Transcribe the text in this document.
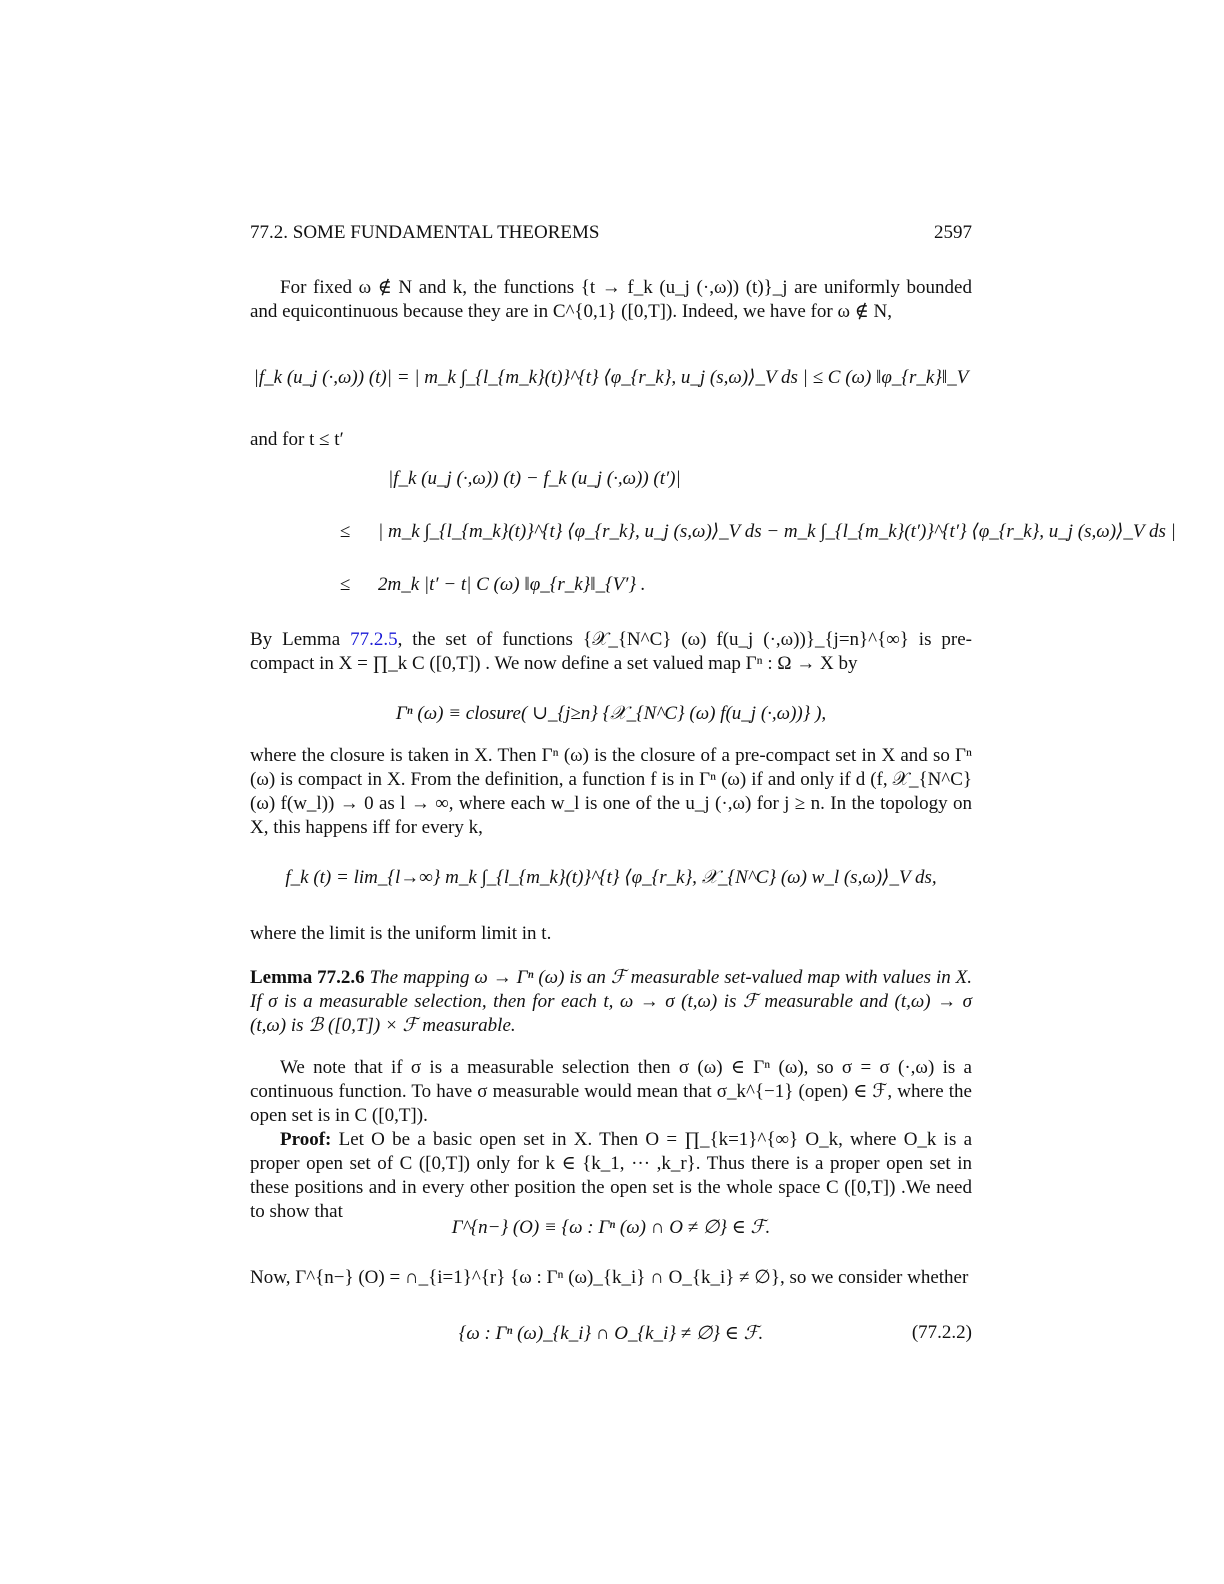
77.2. SOME FUNDAMENTAL THEOREMS	2597
For fixed ω ∉ N and k, the functions {t → f_k (u_j (·,ω)) (t)}_j are uniformly bounded and equicontinuous because they are in C^{0,1} ([0,T]). Indeed, we have for ω ∉ N,
|f_k (u_j (·,ω)) (t)| = | m_k ∫_{l_{m_k}(t)}^{t} ⟨φ_{r_k}, u_j (s,ω)⟩_V ds | ≤ C (ω) ‖φ_{r_k}‖_V
and for t ≤ t′
|f_k (u_j (·,ω)) (t) − f_k (u_j (·,ω)) (t′)|
≤ | m_k ∫_{l_{m_k}(t)}^{t} ⟨φ_{r_k}, u_j (s,ω)⟩_V ds − m_k ∫_{l_{m_k}(t′)}^{t′} ⟨φ_{r_k}, u_j (s,ω)⟩_V ds |
≤ 2m_k |t′ − t| C (ω) ‖φ_{r_k}‖_{V′} .
By Lemma 77.2.5, the set of functions {𝒳_{N^C} (ω) f(u_j (·,ω))}_{j=n}^{∞} is pre-compact in X = ∏_k C ([0,T]) . We now define a set valued map Γⁿ : Ω → X by
Γⁿ (ω) ≡ closure( ∪_{j≥n} {𝒳_{N^C} (ω) f(u_j (·,ω))} ),
where the closure is taken in X. Then Γⁿ (ω) is the closure of a pre-compact set in X and so Γⁿ (ω) is compact in X. From the definition, a function f is in Γⁿ (ω) if and only if d (f, 𝒳_{N^C} (ω) f(w_l)) → 0 as l → ∞, where each w_l is one of the u_j (·,ω) for j ≥ n. In the topology on X, this happens iff for every k,
f_k (t) = lim_{l→∞} m_k ∫_{l_{m_k}(t)}^{t} ⟨φ_{r_k}, 𝒳_{N^C} (ω) w_l (s,ω)⟩_V ds,
where the limit is the uniform limit in t.
Lemma 77.2.6 The mapping ω → Γⁿ (ω) is an ℱ measurable set-valued map with values in X. If σ is a measurable selection, then for each t, ω → σ (t,ω) is ℱ measurable and (t,ω) → σ (t,ω) is ℬ ([0,T]) × ℱ measurable.
We note that if σ is a measurable selection then σ (ω) ∈ Γⁿ (ω), so σ = σ (·,ω) is a continuous function. To have σ measurable would mean that σ_k^{−1} (open) ∈ ℱ, where the open set is in C ([0,T]).
Proof: Let O be a basic open set in X. Then O = ∏_{k=1}^{∞} O_k, where O_k is a proper open set of C ([0,T]) only for k ∈ {k_1, ··· ,k_r}. Thus there is a proper open set in these positions and in every other position the open set is the whole space C ([0,T]) .We need to show that
Γ^{n−} (O) ≡ {ω : Γⁿ (ω) ∩ O ≠ ∅} ∈ ℱ.
Now, Γ^{n−} (O) = ∩_{i=1}^{r} {ω : Γⁿ (ω)_{k_i} ∩ O_{k_i} ≠ ∅}, so we consider whether
{ω : Γⁿ (ω)_{k_i} ∩ O_{k_i} ≠ ∅} ∈ ℱ.	(77.2.2)
